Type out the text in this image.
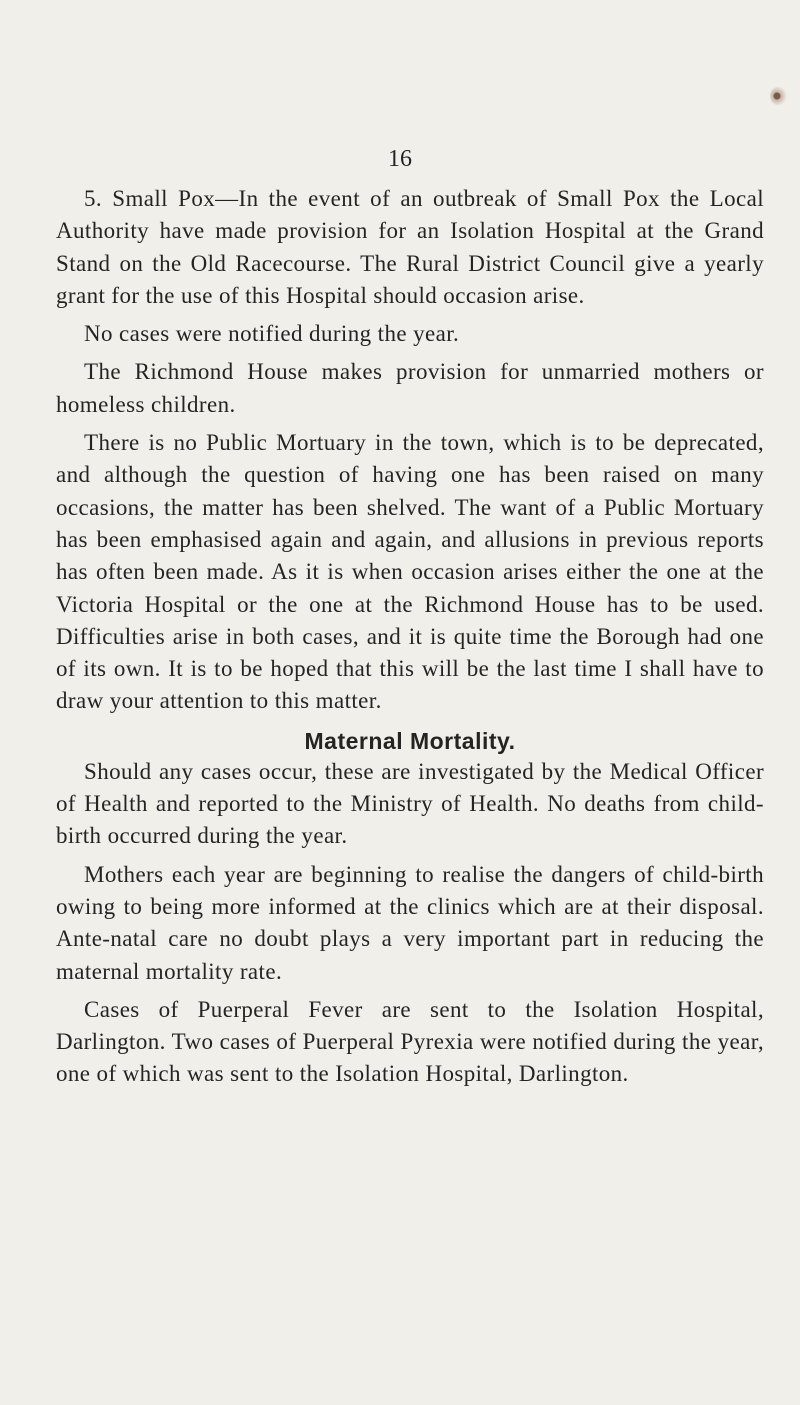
16

5. Small Pox—In the event of an outbreak of Small Pox the Local Authority have made provision for an Isolation Hospital at the Grand Stand on the Old Racecourse. The Rural District Council give a yearly grant for the use of this Hospital should occasion arise.

No cases were notified during the year.

The Richmond House makes provision for unmarried mothers or homeless children.

There is no Public Mortuary in the town, which is to be deprecated, and although the question of having one has been raised on many occasions, the matter has been shelved. The want of a Public Mortuary has been emphasised again and again, and allusions in previous reports has often been made. As it is when occasion arises either the one at the Victoria Hospital or the one at the Richmond House has to be used. Difficulties arise in both cases, and it is quite time the Borough had one of its own. It is to be hoped that this will be the last time I shall have to draw your attention to this matter.

Maternal Mortality.

Should any cases occur, these are investigated by the Medical Officer of Health and reported to the Ministry of Health. No deaths from child-birth occurred during the year.

Mothers each year are beginning to realise the dangers of child-birth owing to being more informed at the clinics which are at their disposal. Ante-natal care no doubt plays a very important part in reducing the maternal mortality rate.

Cases of Puerperal Fever are sent to the Isolation Hospital, Darlington. Two cases of Puerperal Pyrexia were notified during the year, one of which was sent to the Isolation Hospital, Darlington.
